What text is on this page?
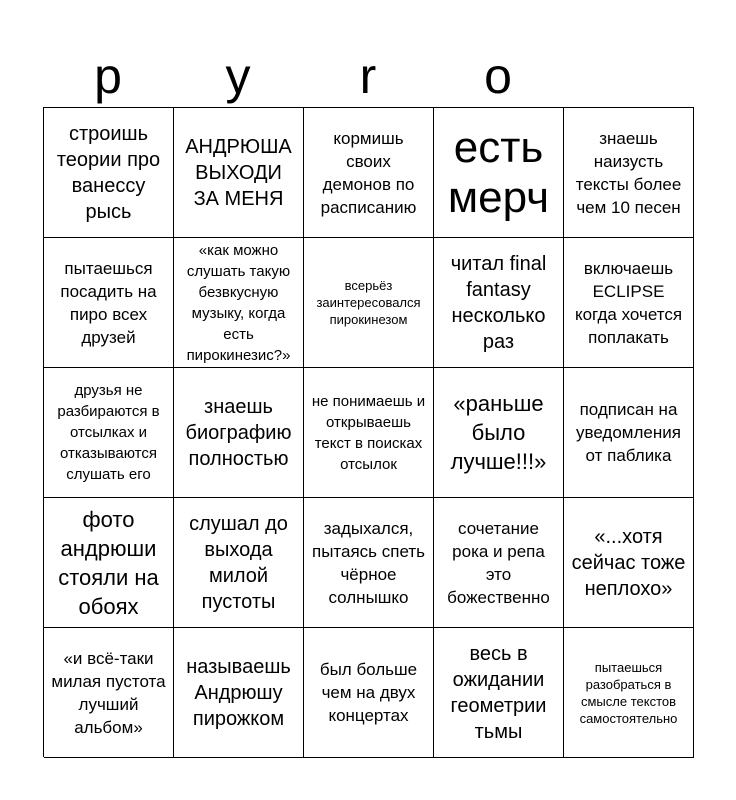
p	y	r	o
строишь теории про ванессу рысь
АНДРЮША ВЫХОДИ ЗА МЕНЯ
кормишь своих демонов по расписанию
есть мерч
знаешь наизусть тексты более чем 10 песен
пытаешься посадить на пиро всех друзей
«как можно слушать такую безвкусную музыку, когда есть пирокинезис?»
всерьёз заинтересовался пирокинезом
читал final fantasy несколько раз
включаешь ECLIPSE когда хочется поплакать
друзья не разбираются в отсылках и отказываются слушать его
знаешь биографию полностью
не понимаешь и открываешь текст в поисках отсылок
«раньше было лучше!!!»
подписан на уведомления от паблика
фото андрюши стояли на обоях
слушал до выхода милой пустоты
задыхался, пытаясь спеть чёрное солнышко
сочетание рока и репа это божественно
«...хотя сейчас тоже неплохо»
«и всё-таки милая пустота лучший альбом»
называешь Андрюшу пирожком
был больше чем на двух концертах
весь в ожидании геометрии тьмы
пытаешься разобраться в смысле текстов самостоятельно
